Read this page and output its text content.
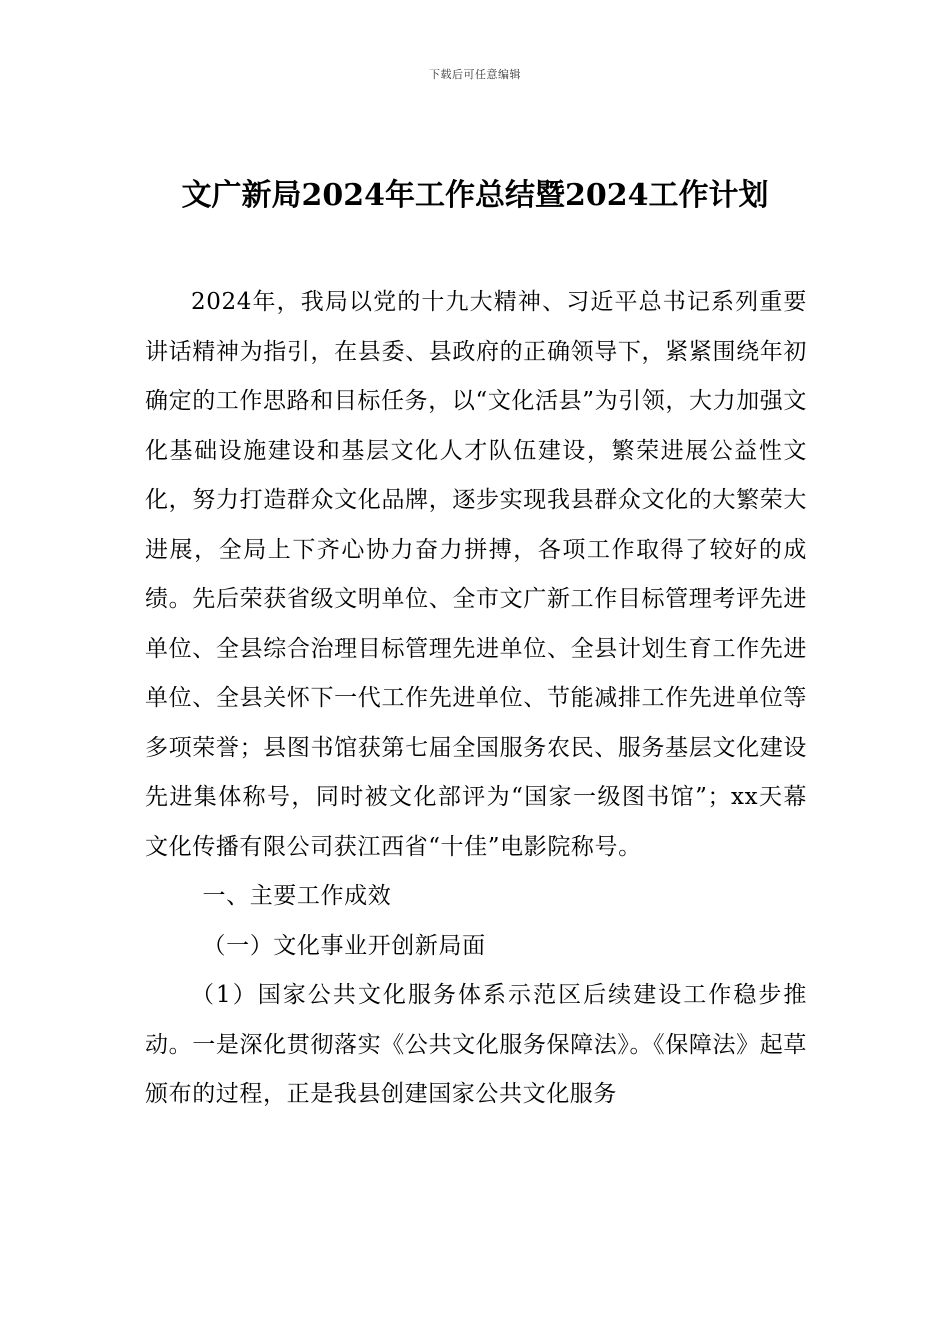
下载后可任意编辑
文广新局2024年工作总结暨2024工作计划

2024年，我局以党的十九大精神、习近平总书记系列重要讲话精神为指引，在县委、县政府的正确领导下，紧紧围绕年初确定的工作思路和目标任务，以“文化活县”为引领，大力加强文化基础设施建设和基层文化人才队伍建设，繁荣进展公益性文化，努力打造群众文化品牌，逐步实现我县群众文化的大繁荣大进展，全局上下齐心协力奋力拼搏，各项工作取得了较好的成绩。先后荣获省级文明单位、全市文广新工作目标管理考评先进单位、全县综合治理目标管理先进单位、全县计划生育工作先进单位、全县关怀下一代工作先进单位、节能减排工作先进单位等多项荣誉；县图书馆获第七届全国服务农民、服务基层文化建设先进集体称号，同时被文化部评为“国家一级图书馆”；xx天幕文化传播有限公司获江西省“十佳”电影院称号。

一、主要工作成效

（一）文化事业开创新局面

（1）国家公共文化服务体系示范区后续建设工作稳步推动。一是深化贯彻落实《公共文化服务保障法》。《保障法》起草颁布的过程，正是我县创建国家公共文化服务
